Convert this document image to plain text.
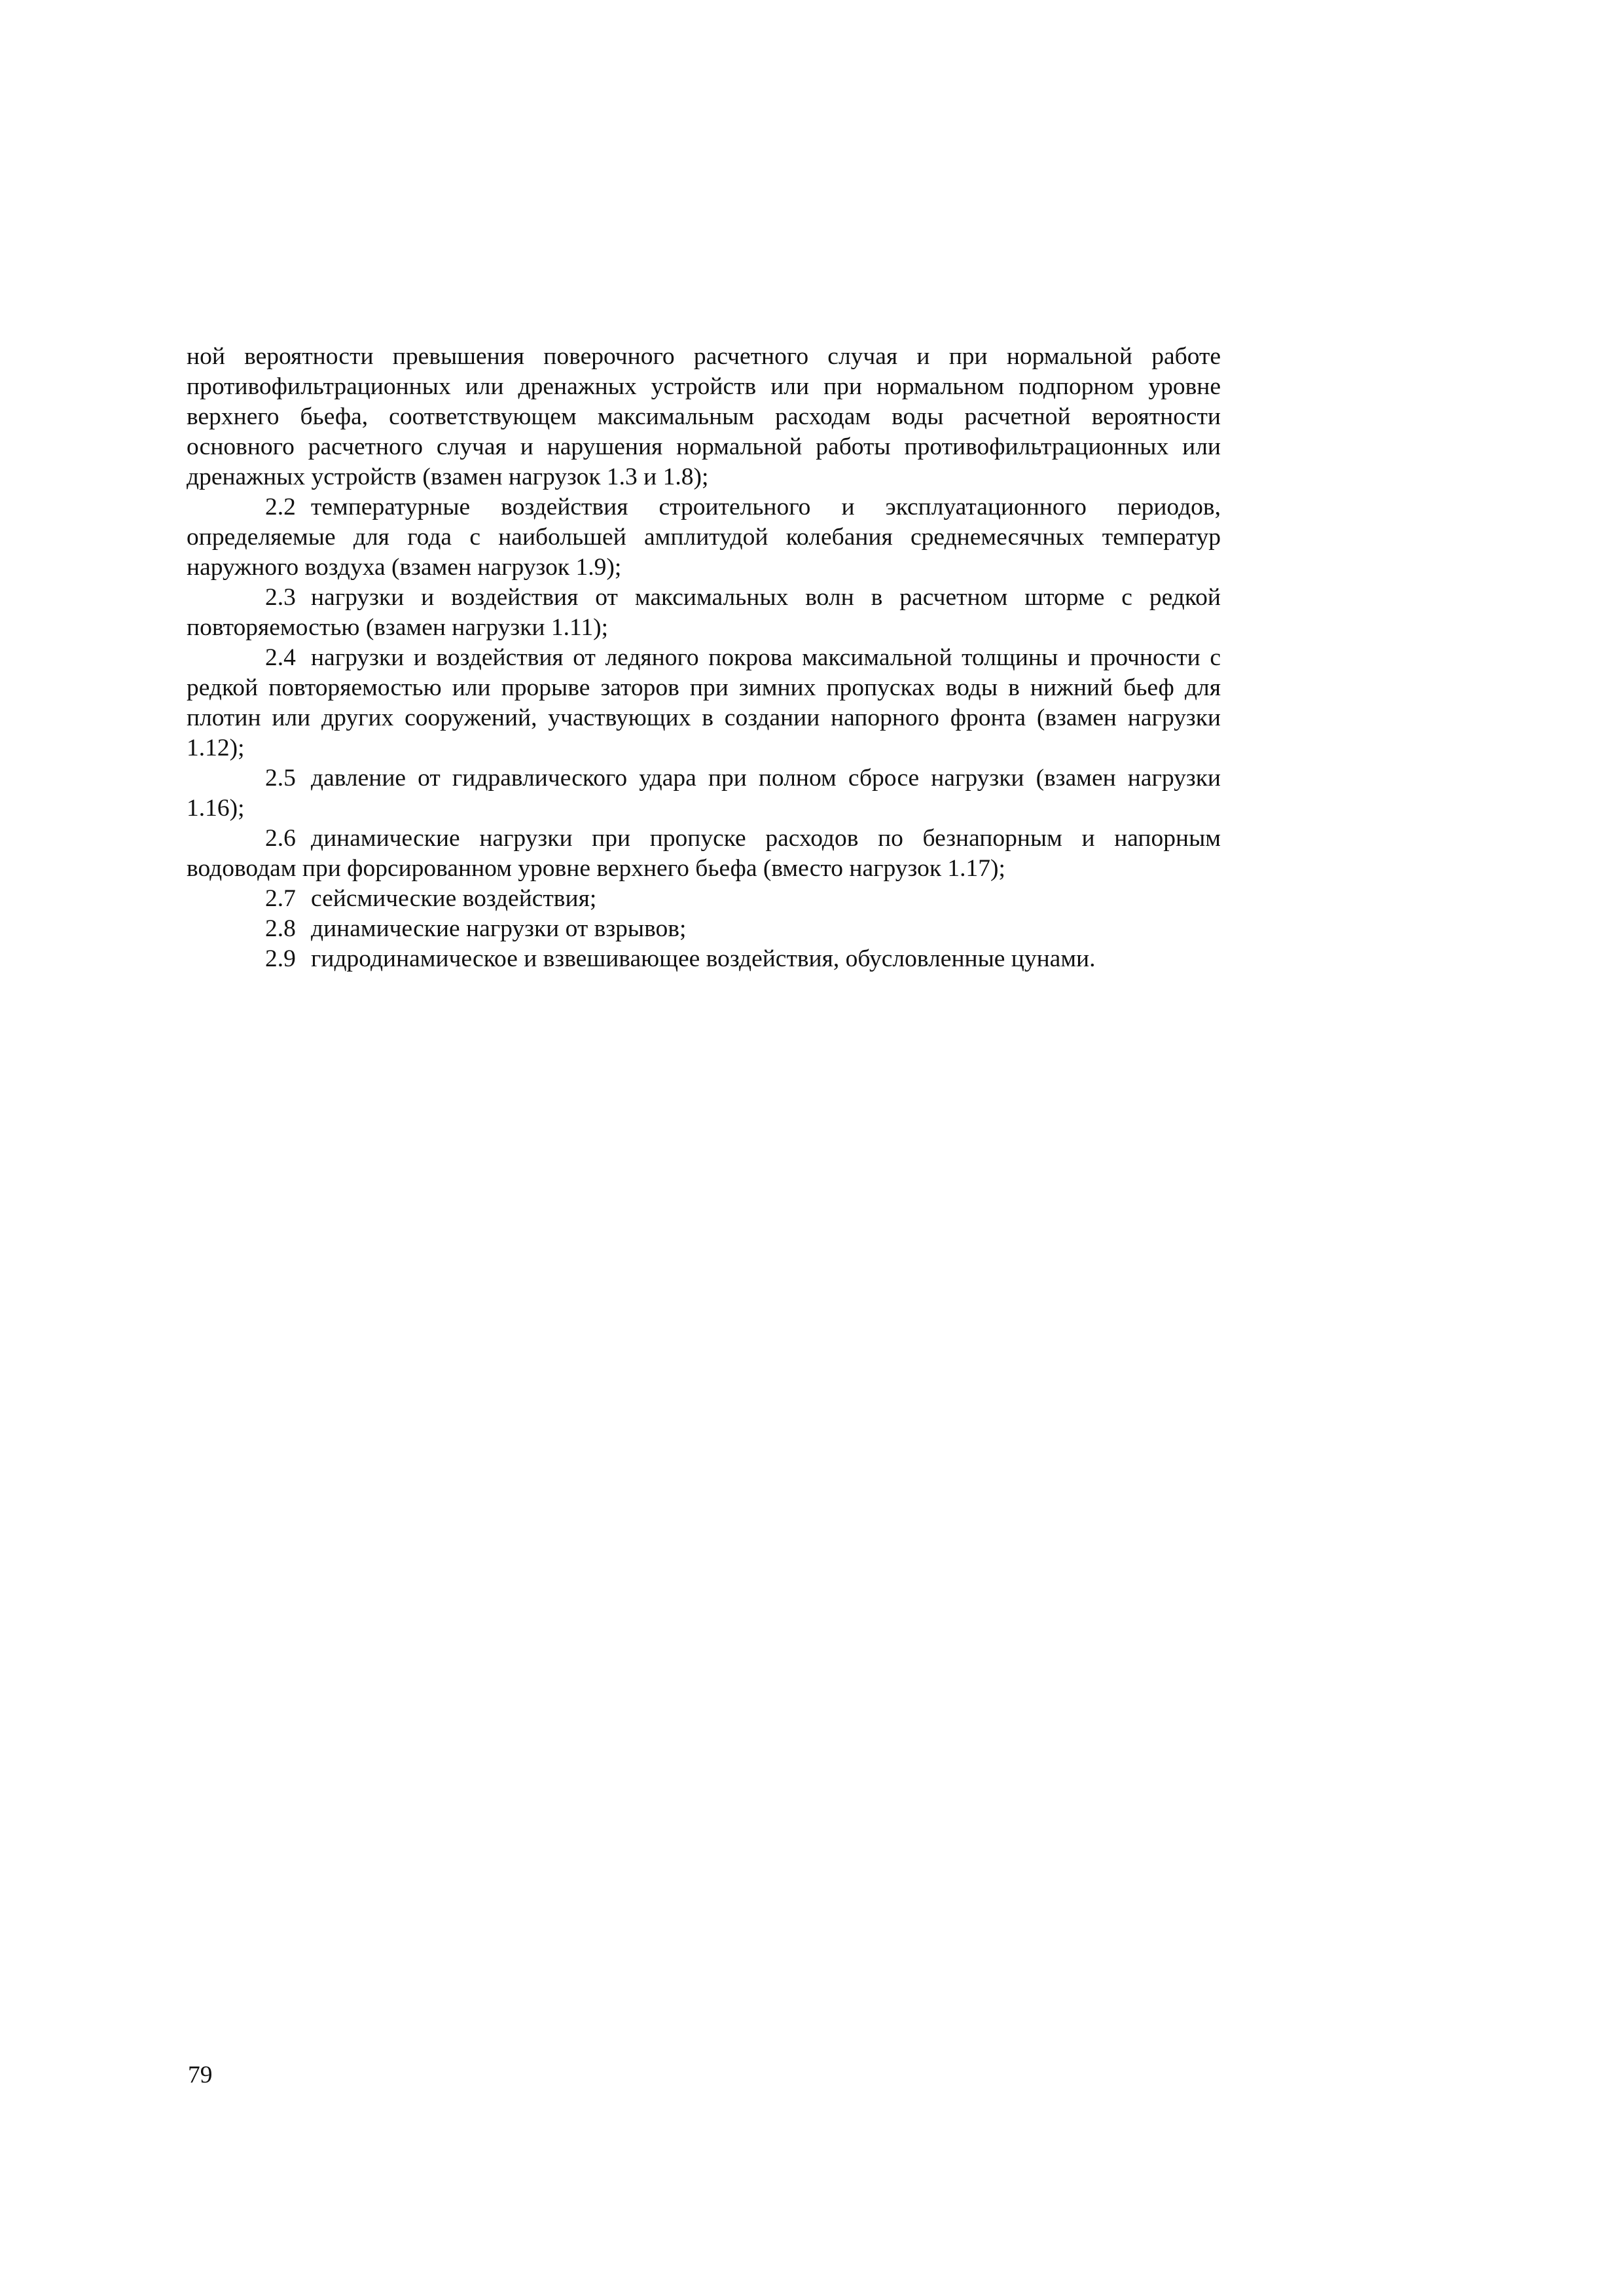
ной вероятности превышения поверочного расчетного случая и при нормальной работе противофильтрационных или дренажных устройств или при нормальном подпорном уровне верхнего бьефа, соответствующем максимальным расходам воды расчетной вероятности основного расчетного случая и нарушения нормальной работы противофильтрационных или дренажных устройств (взамен нагрузок 1.3 и 1.8);

2.2 температурные воздействия строительного и эксплуатационного периодов, определяемые для года с наибольшей амплитудой колебания среднемесячных температур наружного воздуха (взамен нагрузок 1.9);

2.3 нагрузки и воздействия от максимальных волн в расчетном шторме с редкой повторяемостью (взамен нагрузки 1.11);

2.4 нагрузки и воздействия от ледяного покрова максимальной толщины и прочности с редкой повторяемостью или прорыве заторов при зимних пропусках воды в нижний бьеф для плотин или других сооружений, участвующих в создании напорного фронта (взамен нагрузки 1.12);

2.5 давление от гидравлического удара при полном сбросе нагрузки (взамен нагрузки 1.16);

2.6 динамические нагрузки при пропуске расходов по безнапорным и напорным водоводам при форсированном уровне верхнего бьефа (вместо нагрузок 1.17);

2.7 сейсмические воздействия;

2.8 динамические нагрузки от взрывов;

2.9 гидродинамическое и взвешивающее воздействия, обусловленные цунами.

79
